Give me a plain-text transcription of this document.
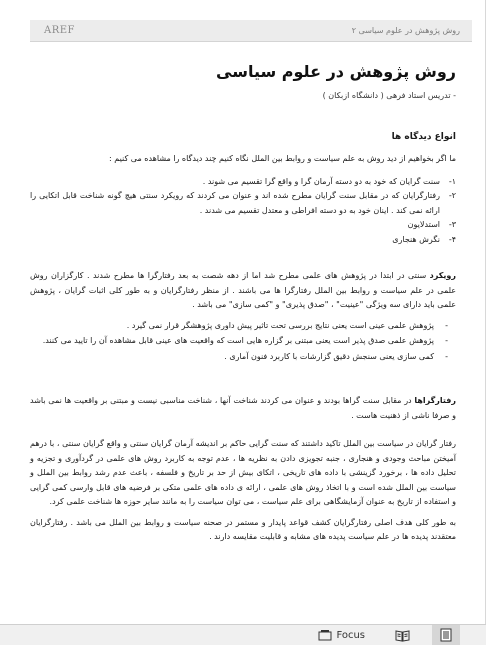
AREF	روش پژوهش در علوم سیاسی ۲
روش پژوهش در علوم سیاسی
- تدریس استاد فرهی ( دانشگاه ازبکان )
انواع دیدگاه ها

ما اگر بخواهیم از دید روش به علم سیاست و روابط بین الملل نگاه کنیم چند دیدگاه را مشاهده می کنیم :

۱-
سنت گرایان که خود به دو دسته آرمان گرا و واقع گرا تقسیم می شوند .
۲-
رفتارگرایان که در مقابل سنت گرایان مطرح شده اند و عنوان می کردند که رویکرد سنتی هیچ گونه شناخت قابل اتکایی را ارائه نمی کند . اینان خود به دو دسته افراطی و معتدل تقسیم می شدند .
۳-
استدلایون
۴-
نگرش هنجاری

رویکرد سنتی در ابتدا در پژوهش های علمی مطرح شد اما از دهه شصت به بعد رفتارگرا ها مطرح شدند . کارگزاران روش علمی در علم سیاست و روابط بین الملل رفتارگرا ها می باشند . از منظر رفتارگرایان و به طور کلی اثبات گرایان ، پژوهش علمی باید دارای سه ویژگی "عینیت" ، "صدق پذیری" و "کمی سازی" می باشد .

- پژوهش علمی عینی است یعنی نتایج بررسی تحت تاثیر پیش داوری پژوهشگر قرار نمی گیرد .
- پژوهش علمی صدق پذیر است یعنی مبتنی بر گزاره هایی است که واقعیت های عینی قابل مشاهده آن را تایید می کنند.
- کمی سازی یعنی سنجش دقیق گزارشات با کاربرد فنون آماری .

رفتارگراها در مقابل سنت گراها بودند و عنوان می کردند شناخت آنها ، شناخت مناسبی نیست و مبتنی بر واقعیت ها نمی باشد و صرفا ناشی از ذهنیت هاست .

رفتار گرایان در سیاست بین الملل تاکید داشتند که سنت گرایی حاکم بر اندیشه آرمان گرایان سنتی و واقع گرایان سنتی ، با درهم آمیختن مباحث وجودی و هنجاری ، جنبه تجویزی دادن به نظریه ها ، عدم توجه به کاربرد روش های علمی در گردآوری و تجزیه و تحلیل داده ها ، برخورد گزینشی با داده های تاریخی ، اتکای بیش از حد بر تاریخ و فلسفه ، باعث عدم رشد روابط بین الملل و سیاست بین الملل شده است و با اتخاذ روش های علمی ، ارائه ی داده های علمی متکی بر فرضیه های قابل وارسی کمی گرایی و استفاده از تاریخ به عنوان آزمایشگاهی برای علم سیاست ، می توان سیاست را به مانند سایر حوزه ها شناخت علمی کرد.

به طور کلی هدف اصلی رفتارگرایان کشف قواعد پایدار و مستمر در صحنه سیاست و روابط بین الملل می باشد . رفتارگرایان معتقدند پدیده ها در علم سیاست پدیده های مشابه و قابلیت مقایسه دارند .

Focus
